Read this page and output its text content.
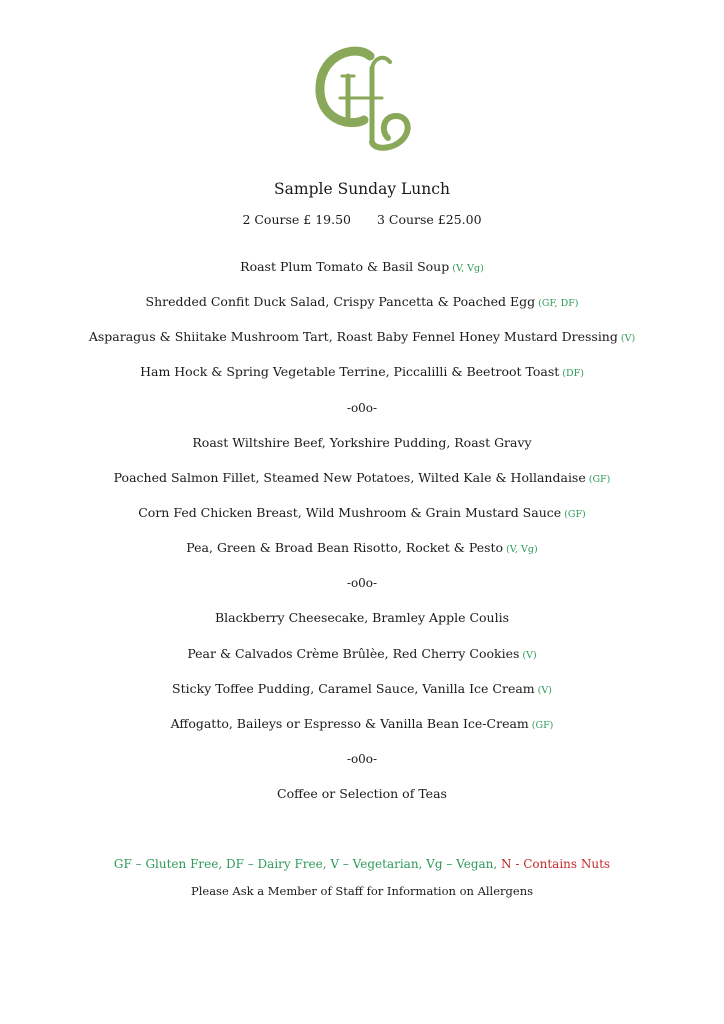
Sample Sunday Lunch
2 Course £ 19.50 3 Course £25.00
Roast Plum Tomato & Basil Soup (V, Vg)
Shredded Confit Duck Salad, Crispy Pancetta & Poached Egg (GF, DF)
Asparagus & Shiitake Mushroom Tart, Roast Baby Fennel Honey Mustard Dressing (V)
Ham Hock & Spring Vegetable Terrine, Piccalilli & Beetroot Toast (DF)
-o0o-
Roast Wiltshire Beef, Yorkshire Pudding, Roast Gravy
Poached Salmon Fillet, Steamed New Potatoes, Wilted Kale & Hollandaise (GF)
Corn Fed Chicken Breast, Wild Mushroom & Grain Mustard Sauce (GF)
Pea, Green & Broad Bean Risotto, Rocket & Pesto (V, Vg)
-o0o-
Blackberry Cheesecake, Bramley Apple Coulis
Pear & Calvados Crème Brûlèe, Red Cherry Cookies (V)
Sticky Toffee Pudding, Caramel Sauce, Vanilla Ice Cream (V)
Affogatto, Baileys or Espresso & Vanilla Bean Ice-Cream (GF)
-o0o-
Coffee or Selection of Teas
GF – Gluten Free, DF – Dairy Free, V – Vegetarian, Vg – Vegan, N - Contains Nuts
Please Ask a Member of Staff for Information on Allergens
